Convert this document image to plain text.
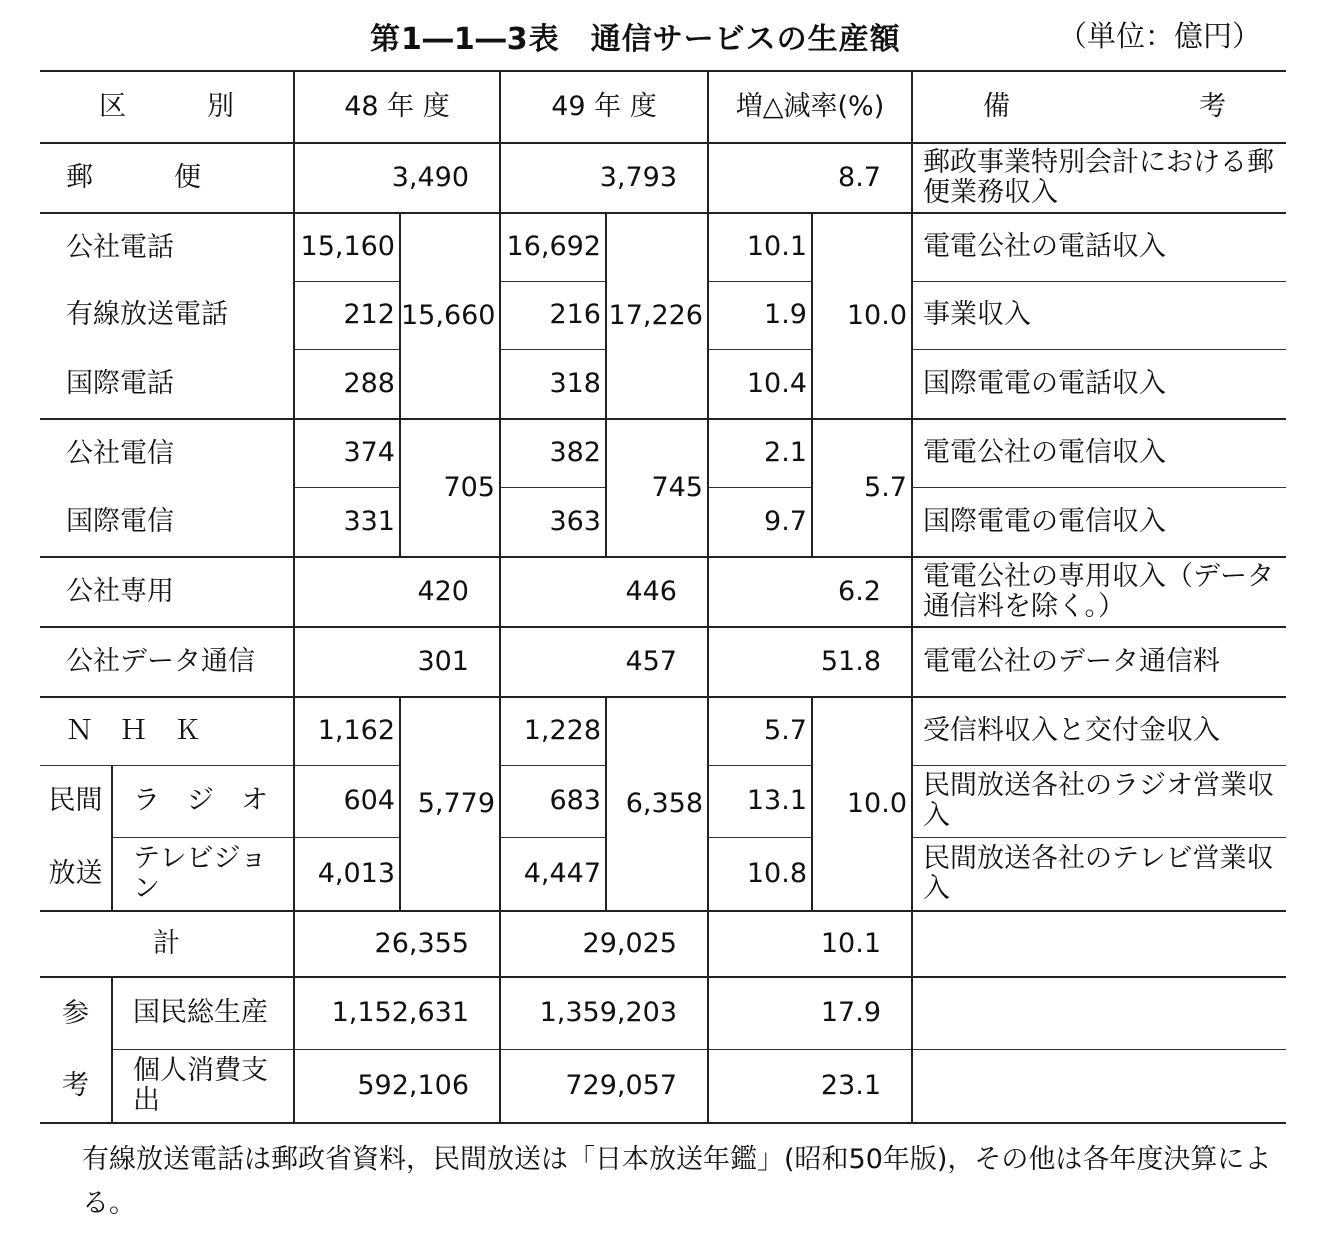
第1―1―3表　通信サービスの生産額	（単位：億円）
区　　　別		48 年 度		49 年 度		増△減率(%)		備 考

郵　　　便		3,490		3,793		8.7		郵政事業特別会計における郵便業務収入
公社電話		15,160	15,660	16,692	17,226	10.1	10.0	電電公社の電話収入
有線放送電話		212		216		1.9		事業収入
国際電話		288		318		10.4		国際電電の電話収入
公社電信		374	705	382	745	2.1	5.7	電電公社の電信収入
国際電信		331		363		9.7		国際電電の電信収入
公社専用		420		446		6.2		電電公社の専用収入（データ通信料を除く。）
公社データ通信		301		457		51.8		電電公社のデータ通信料
Ｎ　Ｈ　Ｋ		1,162	5,779	1,228	6,358	5.7	10.0	受信料収入と交付金収入
民間	ラ　ジ　オ	604		683		13.1		民間放送各社のラジオ営業収入
放送	テレビジョン	4,013		4,447		10.8		民間放送各社のテレビ営業収入
計		26,355		29,025		10.1		
参	国民総生産	1,152,631		1,359,203		17.9		
考	個人消費支出	592,106		729,057		23.1		
有線放送電話は郵政省資料，民間放送は「日本放送年鑑」(昭和50年版)，その他は各年度決算による。
